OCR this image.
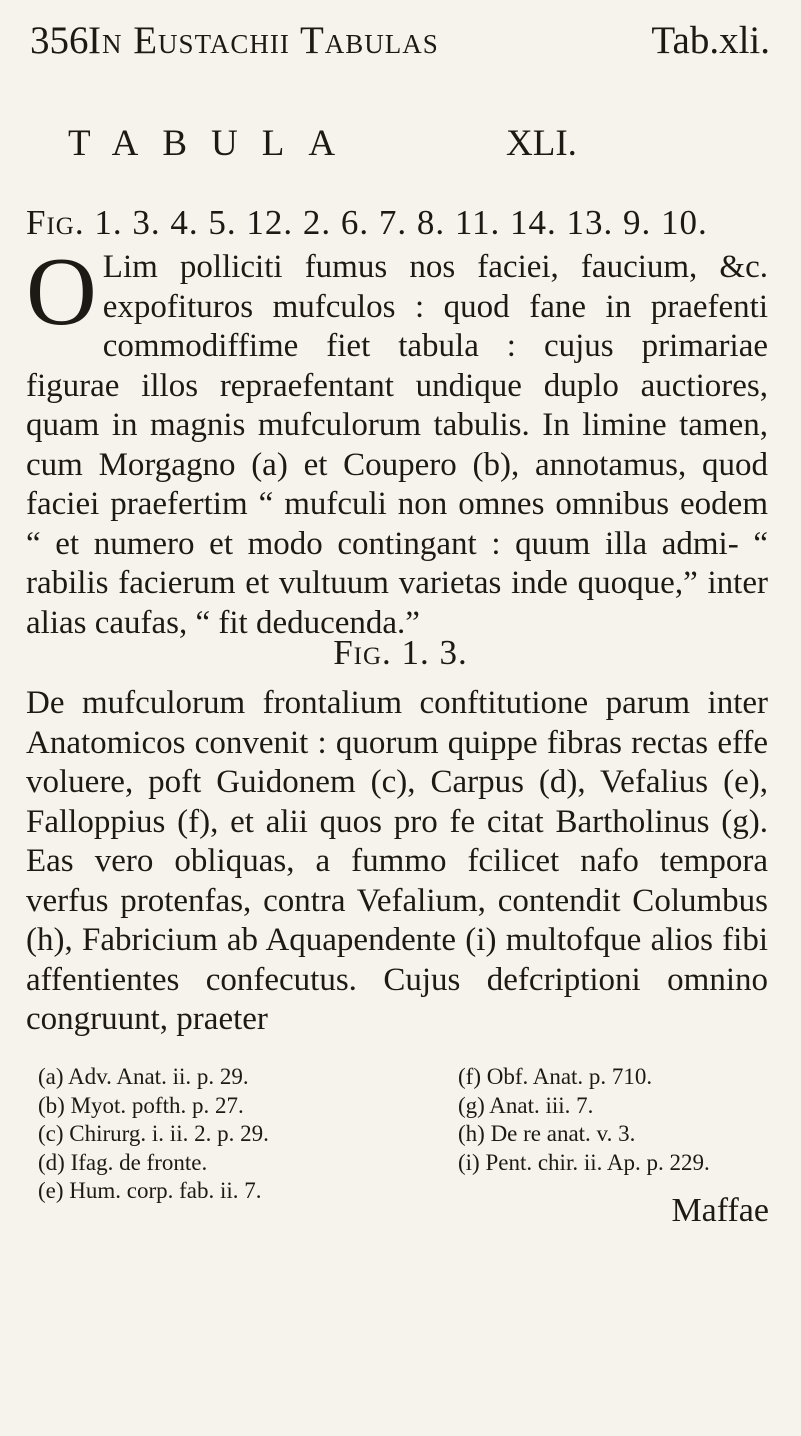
356 In Eustachii Tabulas	Tab.xli.
TABULA	XLI.
Fig. 1. 3. 4. 5. 12. 2. 6. 7. 8. 11. 14. 13. 9. 10.
O Lim polliciti fumus nos faciei, faucium, &c. expofituros mufculos : quod fane in praefenti commodiffime fiet tabula : cujus primariae figurae illos repraefentant undique duplo auctiores, quam in magnis mufculorum tabulis. In limine tamen, cum Morgagno (a) et Coupero (b), annotamus, quod faciei praefertim “ mufculi non omnes omnibus eodem “ et numero et modo contingant : quum illa admi- “ rabilis facierum et vultuum varietas inde quoque,” inter alias caufas, “ fit deducenda.”

Fig. 1. 3.

De mufculorum frontalium conftitutione parum inter Anatomicos convenit : quorum quippe fibras rectas effe voluere, poft Guidonem (c), Carpus (d), Vefalius (e), Falloppius (f), et alii quos pro fe citat Bartholinus (g). Eas vero obliquas, a fummo fcilicet nafo tempora verfus protenfas, contra Vefalium, contendit Columbus (h), Fabricium ab Aquapendente (i) multofque alios fibi affentientes confecutus. Cujus defcriptioni omnino congruunt, praeter

(a) Adv. Anat. ii. p. 29.
(b) Myot. pofth. p. 27.
(c) Chirurg. i. ii. 2. p. 29.
(d) Ifag. de fronte.
(e) Hum. corp. fab. ii. 7.
(f) Obf. Anat. p. 710.
(g) Anat. iii. 7.
(h) De re anat. v. 3.
(i) Pent. chir. ii. Ap. p. 229.
Maffae
